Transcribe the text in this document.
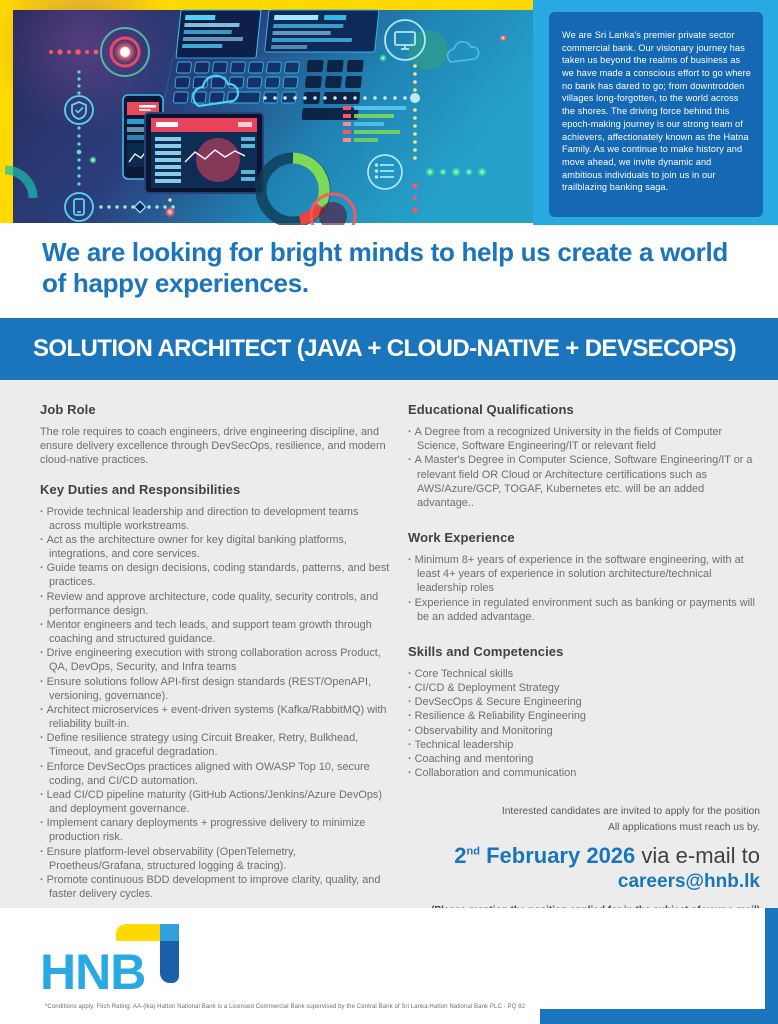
We are Sri Lanka's premier private sector commercial bank. Our visionary journey has taken us beyond the realms of business as we have made a conscious effort to go where no bank has dared to go; from downtrodden villages long-forgotten, to the world across the shores. The driving force behind this epoch-making journey is our strong team of achievers, affectionately known as the Hatna Family. As we continue to make history and move ahead, we invite dynamic and ambitious individuals to join us in our trailblazing banking saga.

We are looking for bright minds to help us create a world of happy experiences.
SOLUTION ARCHITECT (JAVA + CLOUD-NATIVE + DEVSECOPS)
Job Role

The role requires to coach engineers, drive engineering discipline, and ensure delivery excellence through DevSecOps, resilience, and modern cloud-native practices.

Key Duties and Responsibilities
· Provide technical leadership and direction to development teams across multiple workstreams.
· Act as the architecture owner for key digital banking platforms, integrations, and core services.
· Guide teams on design decisions, coding standards, patterns, and best practices.
· Review and approve architecture, code quality, security controls, and performance design.
· Mentor engineers and tech leads, and support team growth through coaching and structured guidance.
· Drive engineering execution with strong collaboration across Product, QA, DevOps, Security, and Infra teams
· Ensure solutions follow API-first design standards (REST/OpenAPI, versioning, governance).
· Architect microservices + event-driven systems (Kafka/RabbitMQ) with reliability built-in.
· Define resilience strategy using Circuit Breaker, Retry, Bulkhead, Timeout, and graceful degradation.
· Enforce DevSecOps practices aligned with OWASP Top 10, secure coding, and CI/CD automation.
· Lead CI/CD pipeline maturity (GitHub Actions/Jenkins/Azure DevOps) and deployment governance.
· Implement canary deployments + progressive delivery to minimize production risk.
· Ensure platform-level observability (OpenTelemetry, Proetheus/Grafana, structured logging & tracing).
· Promote continuous BDD development to improve clarity, quality, and faster delivery cycles.
Educational Qualifications
· A Degree from a recognized University in the fields of Computer Science, Software Engineering/IT or relevant field
· A Master's Degree in Computer Science, Software Engineering/IT or a relevant field OR Cloud or Architecture certifications such as AWS/Azure/GCP, TOGAF, Kubernetes etc. will be an added advantage..
Work Experience
· Minimum 8+ years of experience in the software engineering, with at least 4+ years of experience in solution architecture/technical leadership roles
· Experience in regulated environment such as banking or payments will be an added advantage.
Skills and Competencies
· Core Technical skills
· CI/CD & Deployment Strategy
· DevSecOps & Secure Engineering
· Resilience & Reliability Engineering
· Observability and Monitoring
· Technical leadership
· Coaching and mentoring
· Collaboration and communication
Interested candidates are invited to apply for the position
All applications must reach us by.
2nd February 2026 via e-mail to
careers@hnb.lk
HNB
*Conditions apply. Fitch Rating: AA-(lka) Hatton National Bank is a Licensed Commercial Bank supervised by the Central Bank of Sri Lanka.Hatton National Bank PLC - PQ 82
